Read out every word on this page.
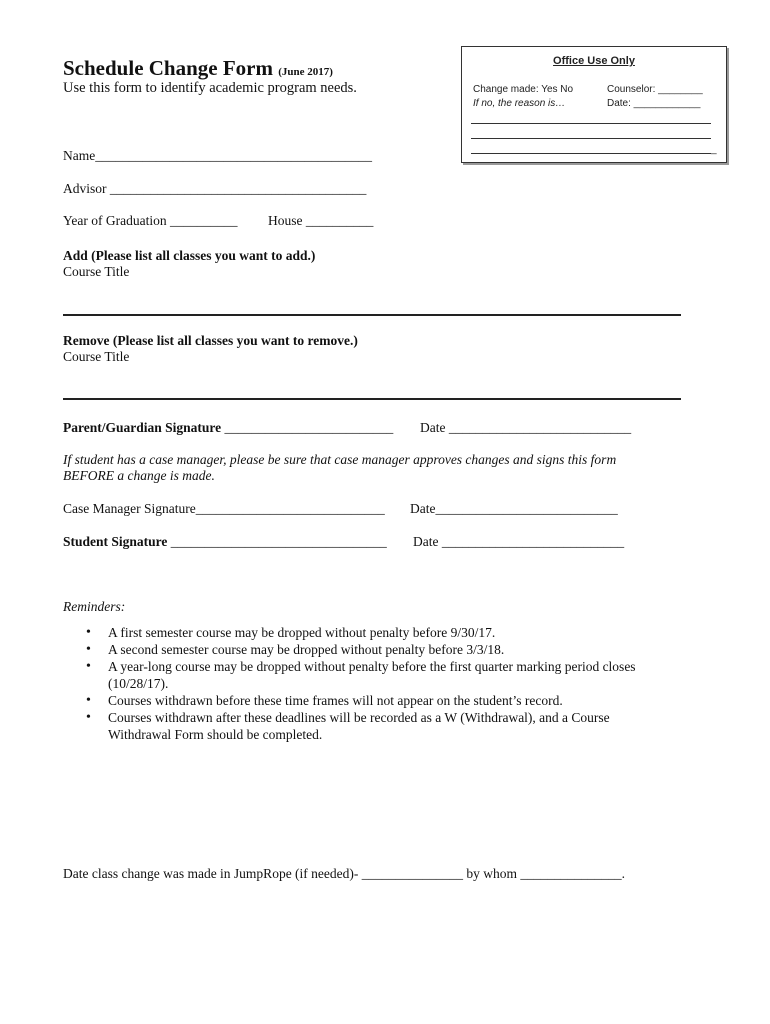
Schedule Change Form (June 2017)
Use this form to identify academic program needs.
Office Use Only
Change made: Yes No	Counselor: ________
If no, the reason is…	Date: ____________
_
Name_________________________________________
Advisor ______________________________________
Year of Graduation __________ House __________
Add (Please list all classes you want to add.)
Course Title
Remove (Please list all classes you want to remove.)
Course Title
Parent/Guardian Signature _________________________ Date ___________________________
If student has a case manager, please be sure that case manager approves changes and signs this form
BEFORE a change is made.
Case Manager Signature____________________________ Date___________________________
Student Signature ________________________________ Date ___________________________
Reminders:
• A first semester course may be dropped without penalty before 9/30/17.
• A second semester course may be dropped without penalty before 3/3/18.
• A year-long course may be dropped without penalty before the first quarter marking period closes (10/28/17).
• Courses withdrawn before these time frames will not appear on the student’s record.
• Courses withdrawn after these deadlines will be recorded as a W (Withdrawal), and a Course Withdrawal Form should be completed.
Date class change was made in JumpRope (if needed)- _______________ by whom _______________.
